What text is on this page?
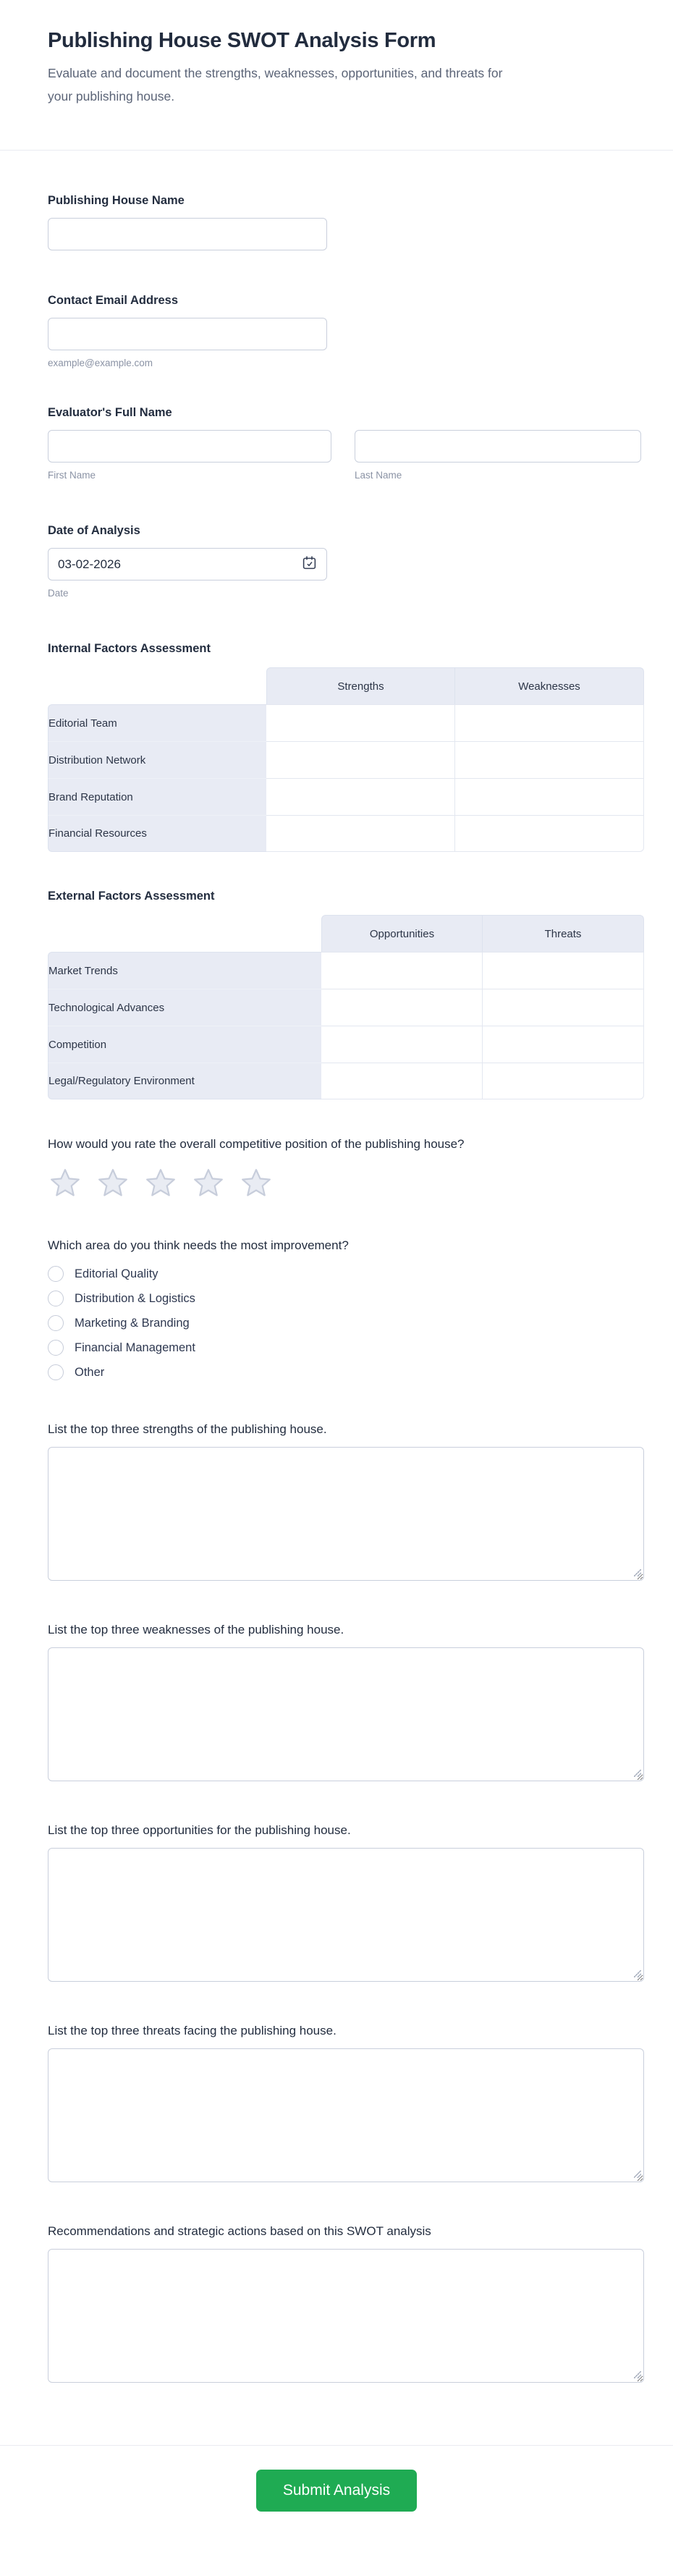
Publishing House SWOT Analysis Form

Evaluate and document the strengths, weaknesses, opportunities, and threats for your publishing house.

Publishing House Name
Contact Email Address
example@example.com
Evaluator's Full Name
First Name	Last Name
Date of Analysis
03-02-2026
Date
Internal Factors Assessment
	Strengths	Weaknesses
Editorial Team		
Distribution Network		
Brand Reputation		
Financial Resources		
External Factors Assessment
	Opportunities	Threats
Market Trends		
Technological Advances		
Competition		
Legal/Regulatory Environment		
How would you rate the overall competitive position of the publishing house?
Which area do you think needs the most improvement?
Editorial Quality
Distribution & Logistics
Marketing & Branding
Financial Management
Other
List the top three strengths of the publishing house.
List the top three weaknesses of the publishing house.
List the top three opportunities for the publishing house.
List the top three threats facing the publishing house.
Recommendations and strategic actions based on this SWOT analysis
Submit Analysis
